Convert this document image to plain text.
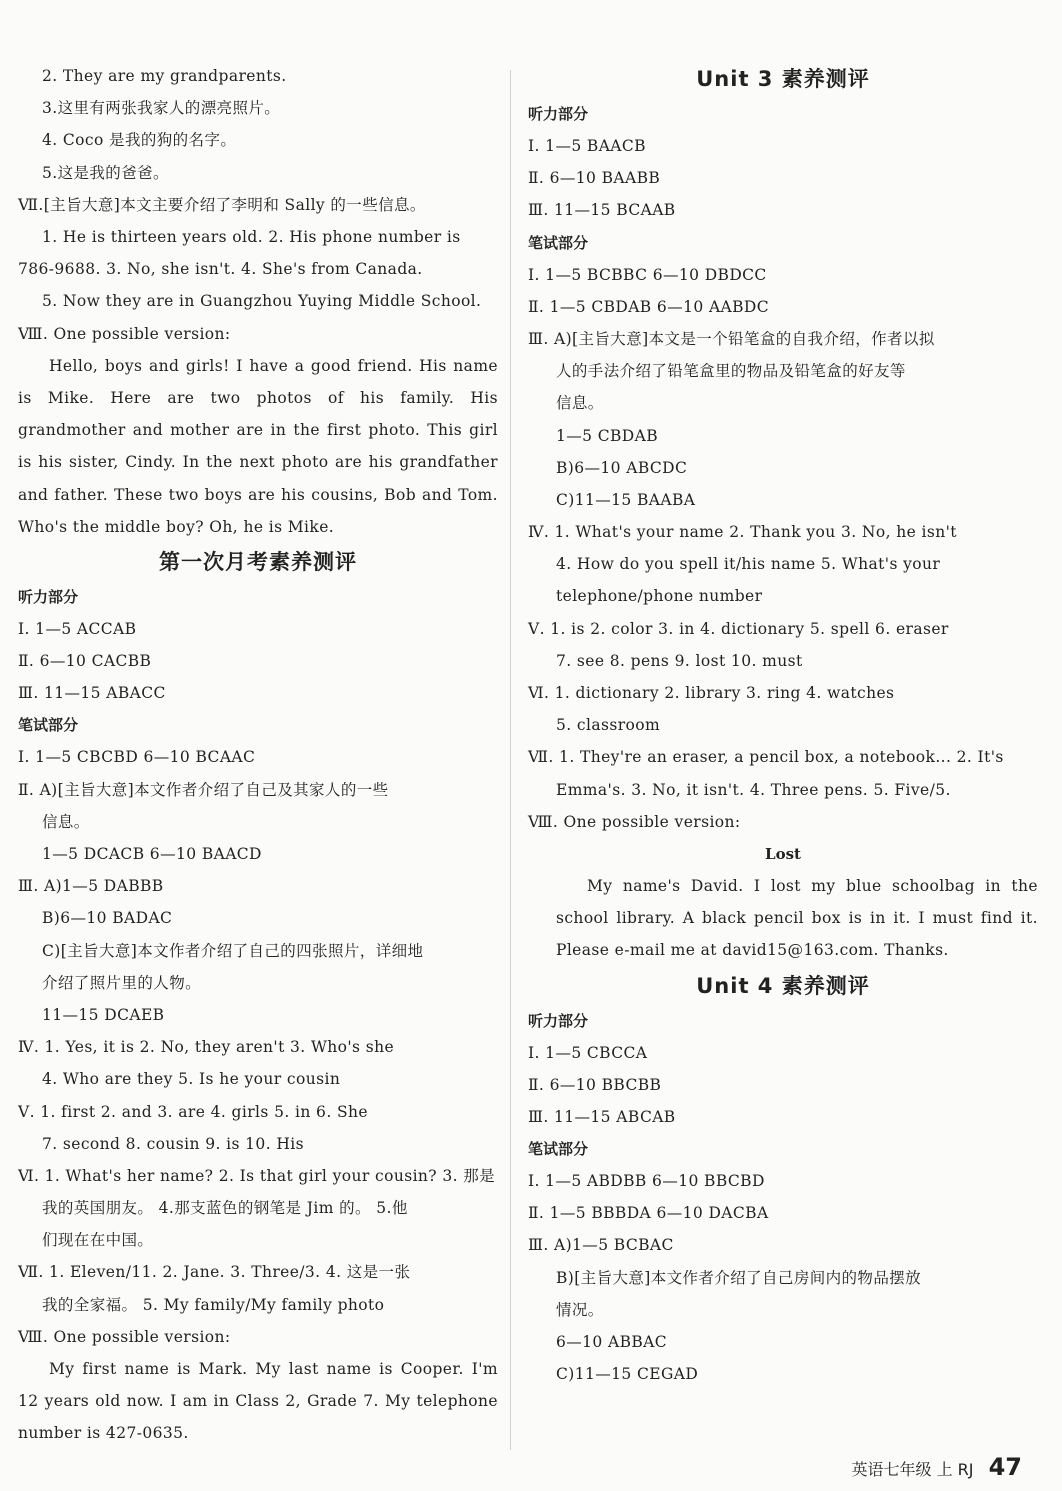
2. They are my grandparents.
3.这里有两张我家人的漂亮照片。
4. Coco 是我的狗的名字。
5.这是我的爸爸。
Ⅶ.[主旨大意]本文主要介绍了李明和 Sally 的一些信息。
1. He is thirteen years old. 2. His phone number is
786-9688. 3. No, she isn't. 4. She's from Canada.
5. Now they are in Guangzhou Yuying Middle School.
Ⅷ. One possible version:
Hello, boys and girls! I have a good friend. His name is Mike. Here are two photos of his family. His grandmother and mother are in the first photo. This girl is his sister, Cindy. In the next photo are his grandfather and father. These two boys are his cousins, Bob and Tom. Who's the middle boy? Oh, he is Mike.
第一次月考素养测评
听力部分
Ⅰ. 1—5 ACCAB
Ⅱ. 6—10 CACBB
Ⅲ. 11—15 ABACC
笔试部分
Ⅰ. 1—5 CBCBD 6—10 BCAAC
Ⅱ. A)[主旨大意]本文作者介绍了自己及其家人的一些
信息。
1—5 DCACB 6—10 BAACD
Ⅲ. A)1—5 DABBB
B)6—10 BADAC
C)[主旨大意]本文作者介绍了自己的四张照片，详细地
介绍了照片里的人物。
11—15 DCAEB
Ⅳ. 1. Yes, it is 2. No, they aren't 3. Who's she
4. Who are they 5. Is he your cousin
Ⅴ. 1. first 2. and 3. are 4. girls 5. in 6. She
7. second 8. cousin 9. is 10. His
Ⅵ. 1. What's her name? 2. Is that girl your cousin? 3. 那是
我的英国朋友。 4.那支蓝色的钢笔是 Jim 的。 5.他
们现在在中国。
Ⅶ. 1. Eleven/11. 2. Jane. 3. Three/3. 4. 这是一张
我的全家福。 5. My family/My family photo
Ⅷ. One possible version:
My first name is Mark. My last name is Cooper. I'm 12 years old now. I am in Class 2, Grade 7. My telephone number is 427-0635.
Unit 3 素养测评
听力部分
Ⅰ. 1—5 BAACB
Ⅱ. 6—10 BAABB
Ⅲ. 11—15 BCAAB
笔试部分
Ⅰ. 1—5 BCBBC 6—10 DBDCC
Ⅱ. 1—5 CBDAB 6—10 AABDC
Ⅲ. A)[主旨大意]本文是一个铅笔盒的自我介绍，作者以拟
人的手法介绍了铅笔盒里的物品及铅笔盒的好友等
信息。
1—5 CBDAB
B)6—10 ABCDC
C)11—15 BAABA
Ⅳ. 1. What's your name 2. Thank you 3. No, he isn't
4. How do you spell it/his name 5. What's your
telephone/phone number
Ⅴ. 1. is 2. color 3. in 4. dictionary 5. spell 6. eraser
7. see 8. pens 9. lost 10. must
Ⅵ. 1. dictionary 2. library 3. ring 4. watches
5. classroom
Ⅶ. 1. They're an eraser, a pencil box, a notebook... 2. It's
Emma's. 3. No, it isn't. 4. Three pens. 5. Five/5.
Ⅷ. One possible version:
Lost
My name's David. I lost my blue schoolbag in the school library. A black pencil box is in it. I must find it. Please e-mail me at david15@163.com. Thanks.
Unit 4 素养测评
听力部分
Ⅰ. 1—5 CBCCA
Ⅱ. 6—10 BBCBB
Ⅲ. 11—15 ABCAB
笔试部分
Ⅰ. 1—5 ABDBB 6—10 BBCBD
Ⅱ. 1—5 BBBDA 6—10 DACBA
Ⅲ. A)1—5 BCBAC
B)[主旨大意]本文作者介绍了自己房间内的物品摆放
情况。
6—10 ABBAC
C)11—15 CEGAD
英语七年级 上 RJ 47
